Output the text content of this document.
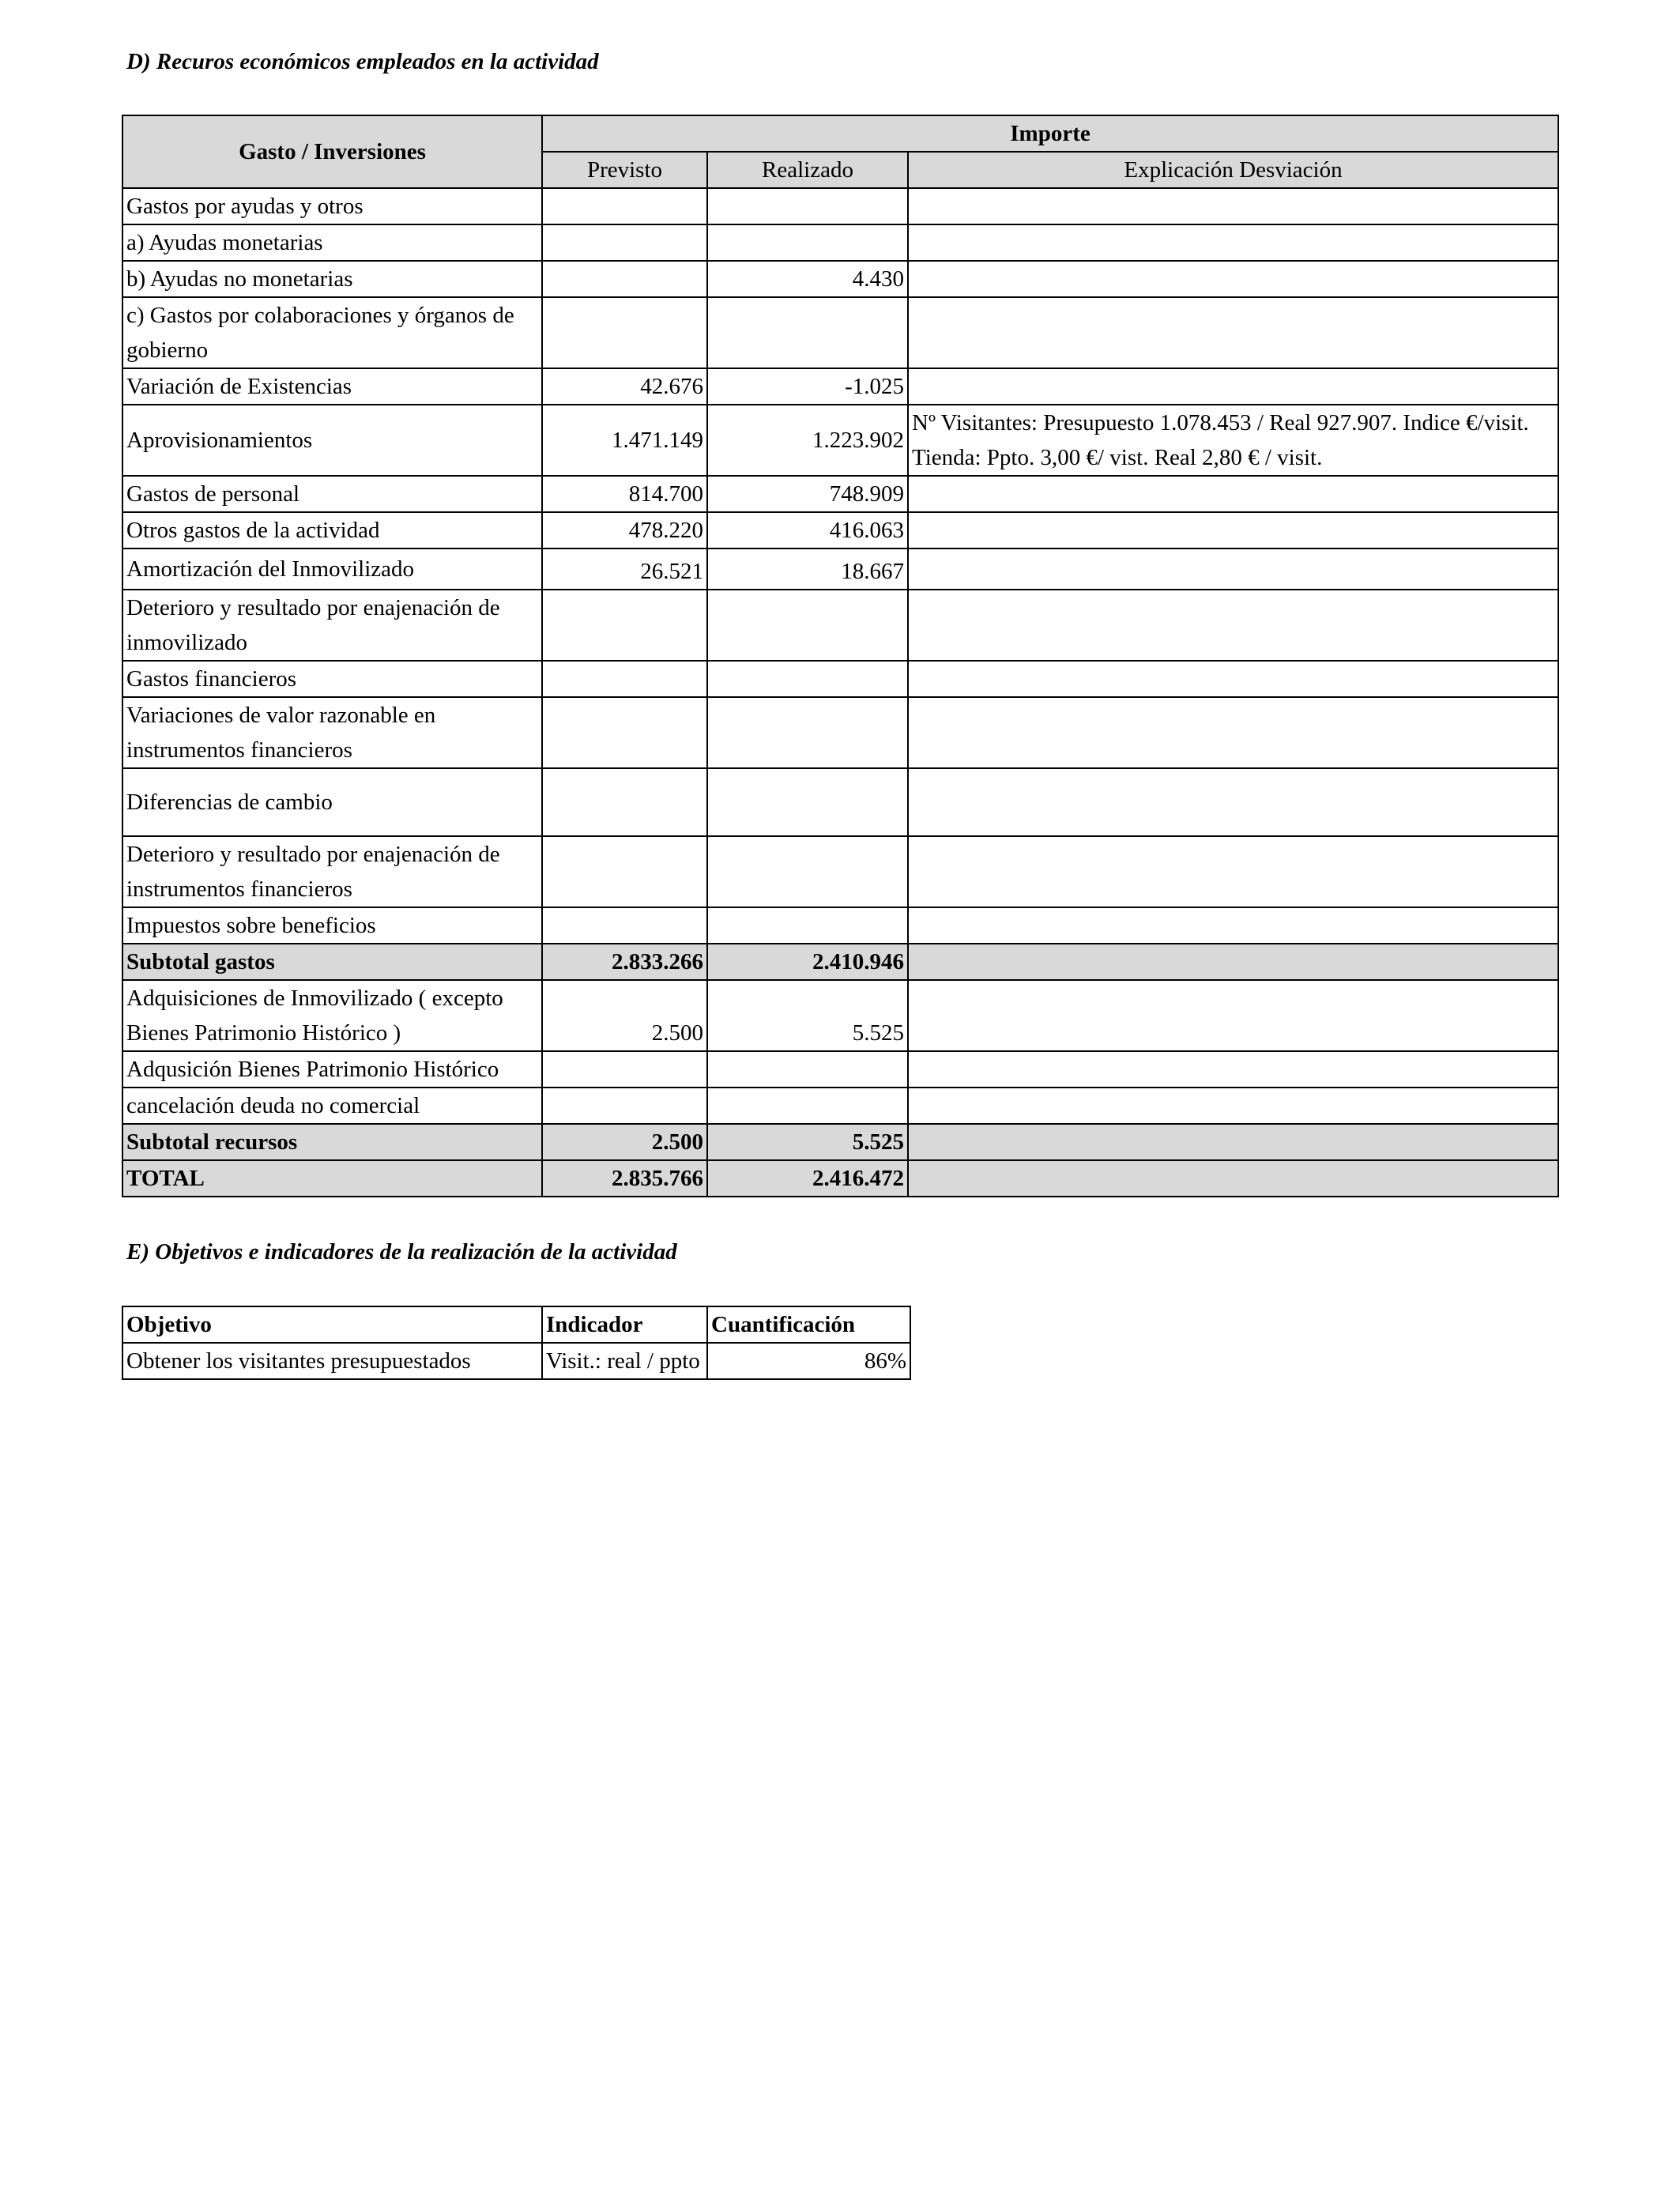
D) Recuros económicos empleados en la actividad
Gasto / Inversiones	Importe		
	Previsto	Realizado	Explicación Desviación
Gastos por ayudas y otros			
a) Ayudas monetarias			
b) Ayudas no monetarias		4.430	
c) Gastos por colaboraciones y órganos de gobierno			
Variación de Existencias	42.676	-1.025	
Aprovisionamientos	1.471.149	1.223.902	Nº Visitantes: Presupuesto 1.078.453 / Real 927.907. Indice €/visit. Tienda: Ppto. 3,00 €/ vist. Real 2,80 € / visit.
Gastos de personal	814.700	748.909	
Otros gastos de la actividad	478.220	416.063	
Amortización del Inmovilizado	26.521	18.667	
Deterioro y resultado por enajenación de inmovilizado			
Gastos financieros			
Variaciones de valor razonable en instrumentos financieros			
Diferencias de cambio			
Deterioro y resultado por enajenación de instrumentos financieros			
Impuestos sobre beneficios			
Subtotal gastos	2.833.266	2.410.946	
Adquisiciones de Inmovilizado ( excepto Bienes Patrimonio Histórico )	2.500	5.525	
Adqusición Bienes Patrimonio Histórico			
cancelación deuda no comercial			
Subtotal recursos	2.500	5.525	
TOTAL	2.835.766	2.416.472	
E) Objetivos e indicadores de la realización de la actividad
Objetivo	Indicador	Cuantificación
Obtener los visitantes presupuestados	Visit.: real / ppto	86%
